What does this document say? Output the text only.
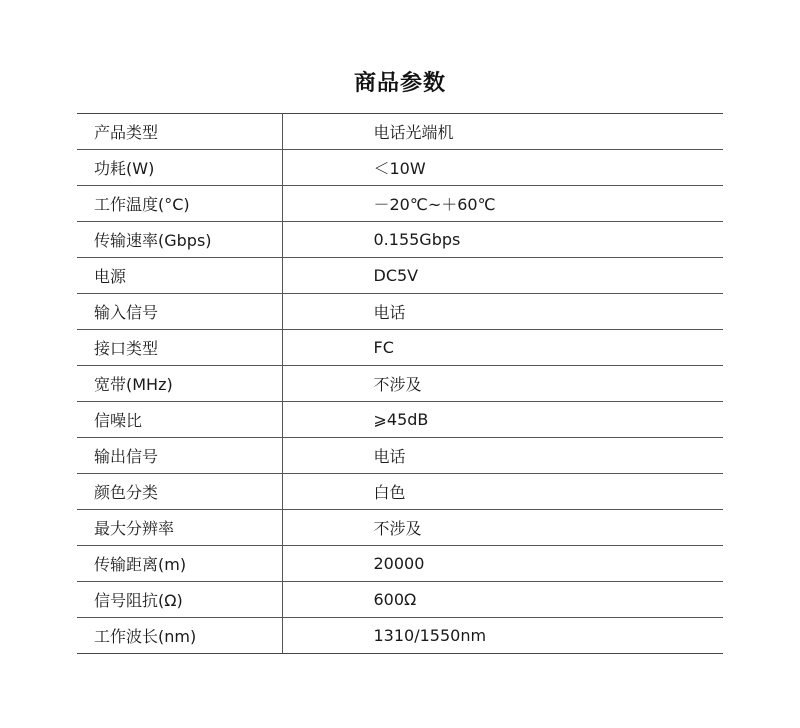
商品参数
产品类型	电话光端机
功耗(W)	＜10W
工作温度(°C)	－20℃~＋60℃
传输速率(Gbps)	0.155Gbps
电源	DC5V
输入信号	电话
接口类型	FC
宽带(MHz)	不涉及
信噪比	⩾45dB
输出信号	电话
颜色分类	白色
最大分辨率	不涉及
传输距离(m)	20000
信号阻抗(Ω)	600Ω
工作波长(nm)	1310/1550nm
